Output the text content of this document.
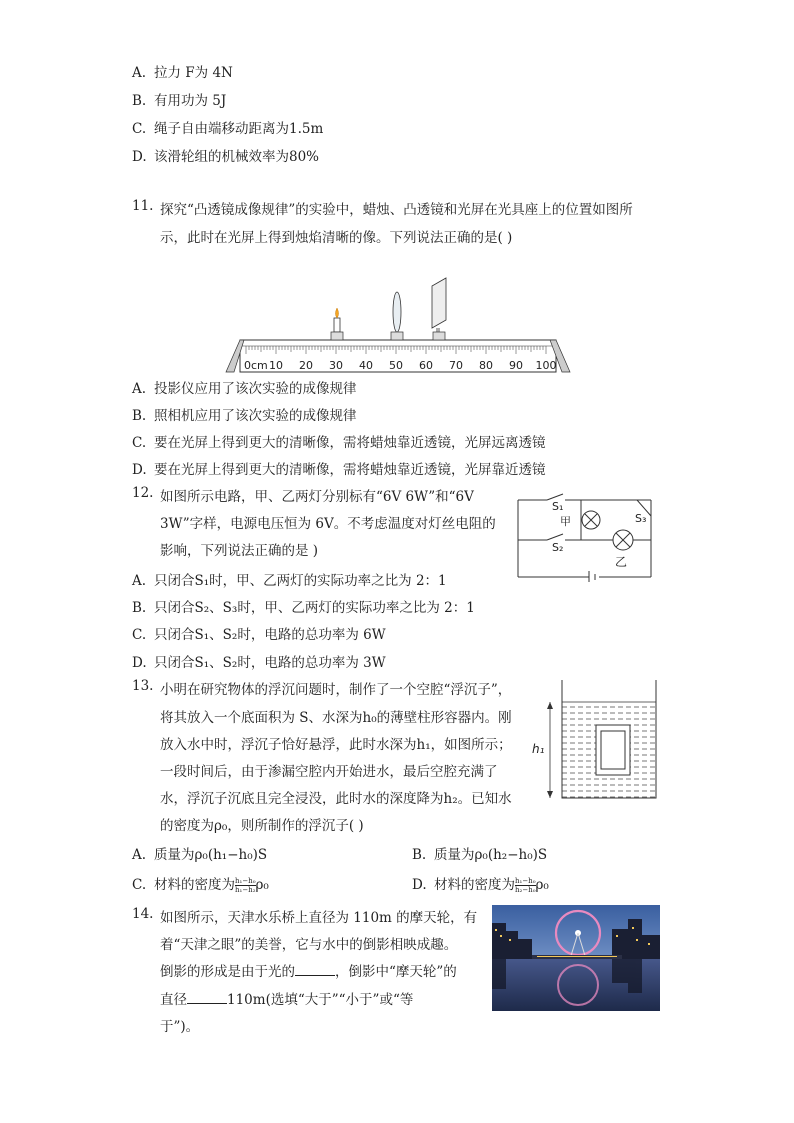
A. 拉力 F为 4N
B. 有用功为 5J
C. 绳子自由端移动距离为1.5m
D. 该滑轮组的机械效率为80%
11. 探究“凸透镜成像规律”的实验中，蜡烛、凸透镜和光屏在光具座上的位置如图所
示，此时在光屏上得到烛焰清晰的像。下列说法正确的是( )
0cm 10 20 30 40 50 60 70 80 90 100
A. 投影仪应用了该次实验的成像规律
B. 照相机应用了该次实验的成像规律
C. 要在光屏上得到更大的清晰像，需将蜡烛靠近透镜，光屏远离透镜
D. 要在光屏上得到更大的清晰像，需将蜡烛靠近透镜，光屏靠近透镜
12. 如图所示电路，甲、乙两灯分别标有“6V 6W”和“6V
3W”字样，电源电压恒为 6V。不考虑温度对灯丝电阻的
影响，下列说法正确的是 )
S₁
S₂
S₃
甲
乙
A. 只闭合S₁时，甲、乙两灯的实际功率之比为 2：1
B. 只闭合S₂、S₃时，甲、乙两灯的实际功率之比为 2：1
C. 只闭合S₁、S₂时，电路的总功率为 6W
D. 只闭合S₁、S₂时，电路的总功率为 3W
13. 小明在研究物体的浮沉问题时，制作了一个空腔“浮沉子”，
将其放入一个底面积为 S、水深为h₀的薄壁柱形容器内。刚
放入水中时，浮沉子恰好悬浮，此时水深为h₁，如图所示；
一段时间后，由于渗漏空腔内开始进水，最后空腔充满了
水，浮沉子沉底且完全浸没，此时水的深度降为h₂。已知水
的密度为ρ₀，则所制作的浮沉子( )
h₁
A. 质量为ρ₀(h₁−h₀)S	B. 质量为ρ₀(h₂−h₀)S
C. 材料的密度为 $\frac{\text{h₁−h₀}}{\text{h₁−h₂}} \rho_0$	D. 材料的密度为 $\frac{\text{h₁−h₀}}{\text{h₂−h₀}} \rho_0$
14. 如图所示，天津水乐桥上直径为 110m 的摩天轮，有
着“天津之眼”的美誉，它与水中的倒影相映成趣。
倒影的形成是由于光的	，倒影中“摩天轮”的
直径	110m(选填“大于”“小于”或“等
于”)。
